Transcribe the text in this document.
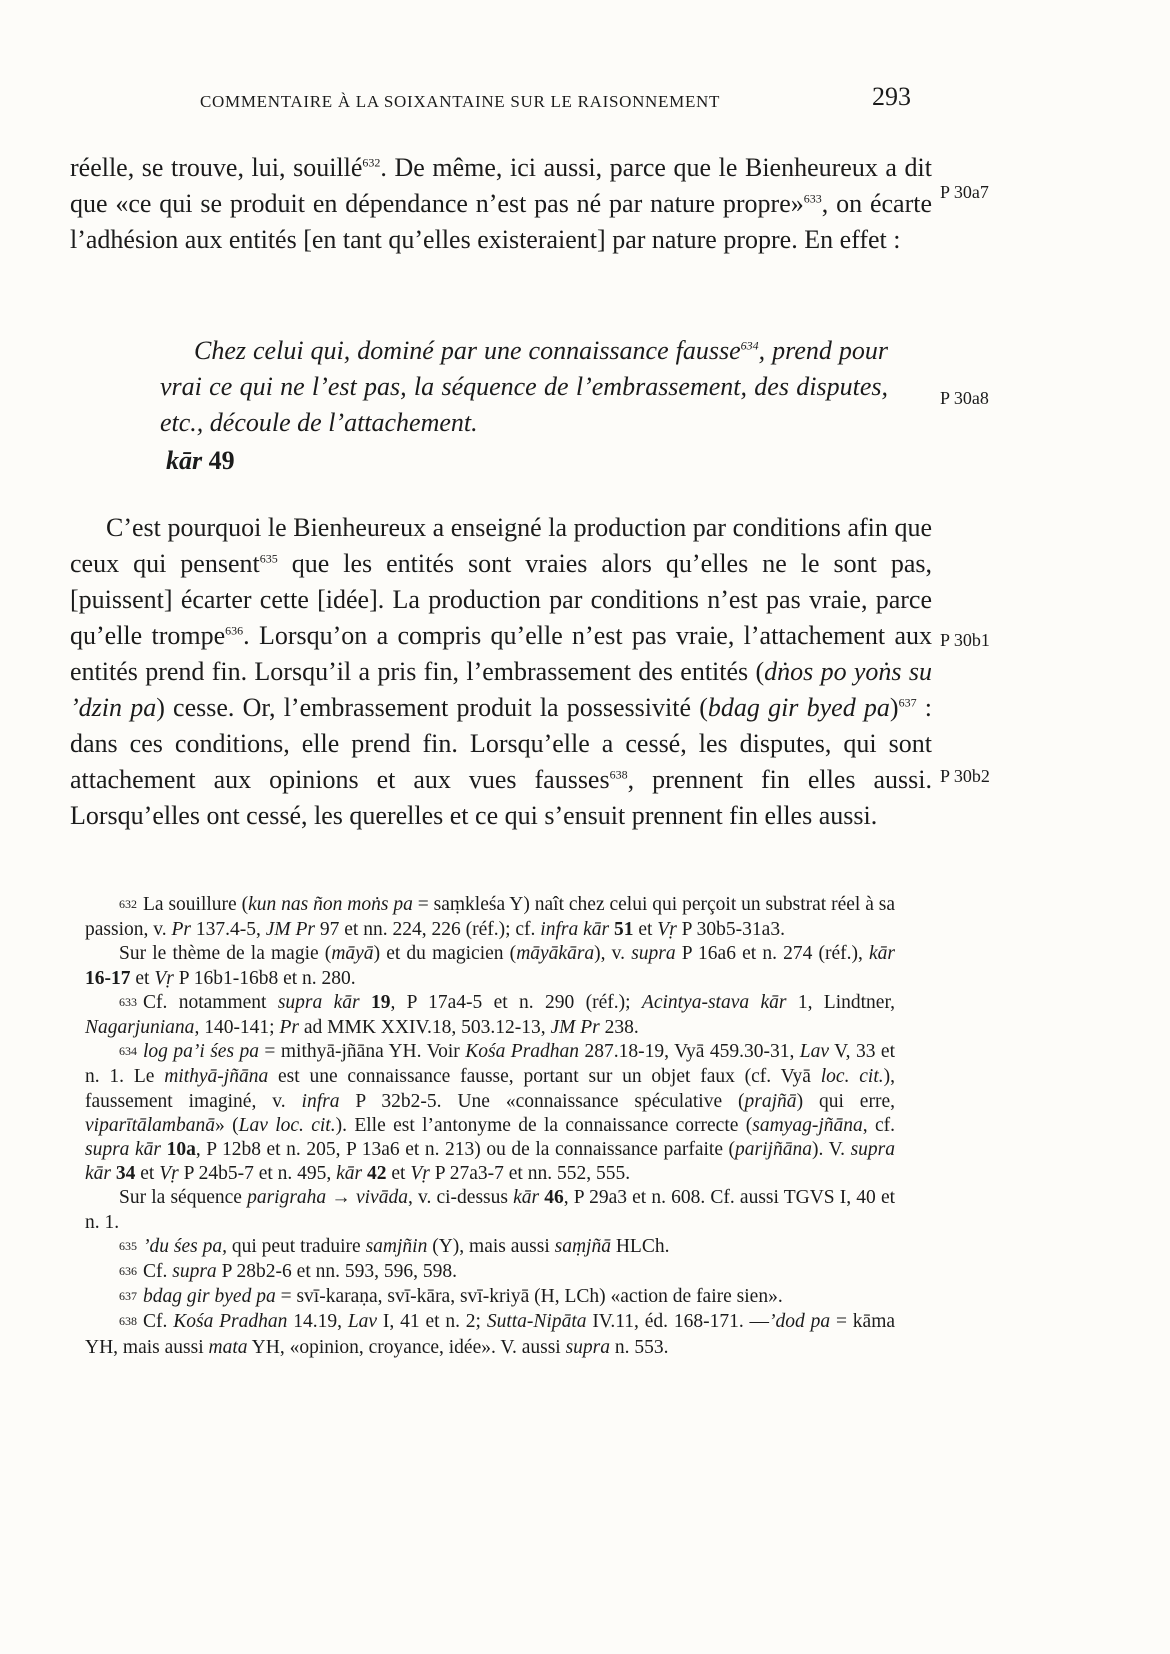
COMMENTAIRE À LA SOIXANTAINE SUR LE RAISONNEMENT	293

réelle, se trouve, lui, souillé$^{632}$. De même, ici aussi, parce que le Bienheureux a dit que «ce qui se produit en dépendance n’est pas né par nature propre»$^{633}$, on écarte l’adhésion aux entités [en tant qu’elles existeraient] par nature propre. En effet :

Chez celui qui, dominé par une connaissance fausse$^{634}$, prend pour vrai ce qui ne l’est pas, la séquence de l’embrassement, des disputes, etc., découle de l’attachement.
kār 49
P 30a7
P 30a8
P 30b1
P 30b2

C’est pourquoi le Bienheureux a enseigné la production par conditions afin que ceux qui pensent$^{635}$ que les entités sont vraies alors qu’elles ne le sont pas, [puissent] écarter cette [idée]. La production par conditions n’est pas vraie, parce qu’elle trompe$^{636}$. Lorsqu’on a compris qu’elle n’est pas vraie, l’attachement aux entités prend fin. Lorsqu’il a pris fin, l’embrassement des entités (dṅos po yoṅs su ’dzin pa) cesse. Or, l’embrassement produit la possessivité (bdag gir byed pa)$^{637}$ : dans ces conditions, elle prend fin. Lorsqu’elle a cessé, les disputes, qui sont attachement aux opinions et aux vues fausses$^{638}$, prennent fin elles aussi. Lorsqu’elles ont cessé, les querelles et ce qui s’ensuit prennent fin elles aussi.

632 La souillure (kun nas ñon moṅs pa = saṃkleśa Y) naît chez celui qui perçoit un substrat réel à sa passion, v. Pr 137.4-5, JM Pr 97 et nn. 224, 226 (réf.); cf. infra kār 51 et Vṛ P 30b5-31a3.

Sur le thème de la magie (māyā) et du magicien (māyākāra), v. supra P 16a6 et n. 274 (réf.), kār 16-17 et Vṛ P 16b1-16b8 et n. 280.

633 Cf. notamment supra kār 19, P 17a4-5 et n. 290 (réf.); Acintya-stava kār 1, Lindtner, Nagarjuniana, 140-141; Pr ad MMK XXIV.18, 503.12-13, JM Pr 238.

634 log pa’i śes pa = mithyā-jñāna YH. Voir Kośa Pradhan 287.18-19, Vyā 459.30-31, Lav V, 33 et n. 1. Le mithyā-jñāna est une connaissance fausse, portant sur un objet faux (cf. Vyā loc. cit.), faussement imaginé, v. infra P 32b2-5. Une «connaissance spéculative (prajñā) qui erre, viparītālambanā» (Lav loc. cit.). Elle est l’antonyme de la connaissance correcte (samyag-jñāna, cf. supra kār 10a, P 12b8 et n. 205, P 13a6 et n. 213) ou de la connaissance parfaite (parijñāna). V. supra kār 34 et Vṛ P 24b5-7 et n. 495, kār 42 et Vṛ P 27a3-7 et nn. 552, 555.

Sur la séquence parigraha → vivāda, v. ci-dessus kār 46, P 29a3 et n. 608. Cf. aussi TGVS I, 40 et n. 1.

635 ’du śes pa, qui peut traduire samjñin (Y), mais aussi saṃjñā HLCh.

636 Cf. supra P 28b2-6 et nn. 593, 596, 598.

637 bdag gir byed pa = svī-karaṇa, svī-kāra, svī-kriyā (H, LCh) «action de faire sien».

638 Cf. Kośa Pradhan 14.19, Lav I, 41 et n. 2; Sutta-Nipāta IV.11, éd. 168-171. —’dod pa = kāma YH, mais aussi mata YH, «opinion, croyance, idée». V. aussi supra n. 553.
